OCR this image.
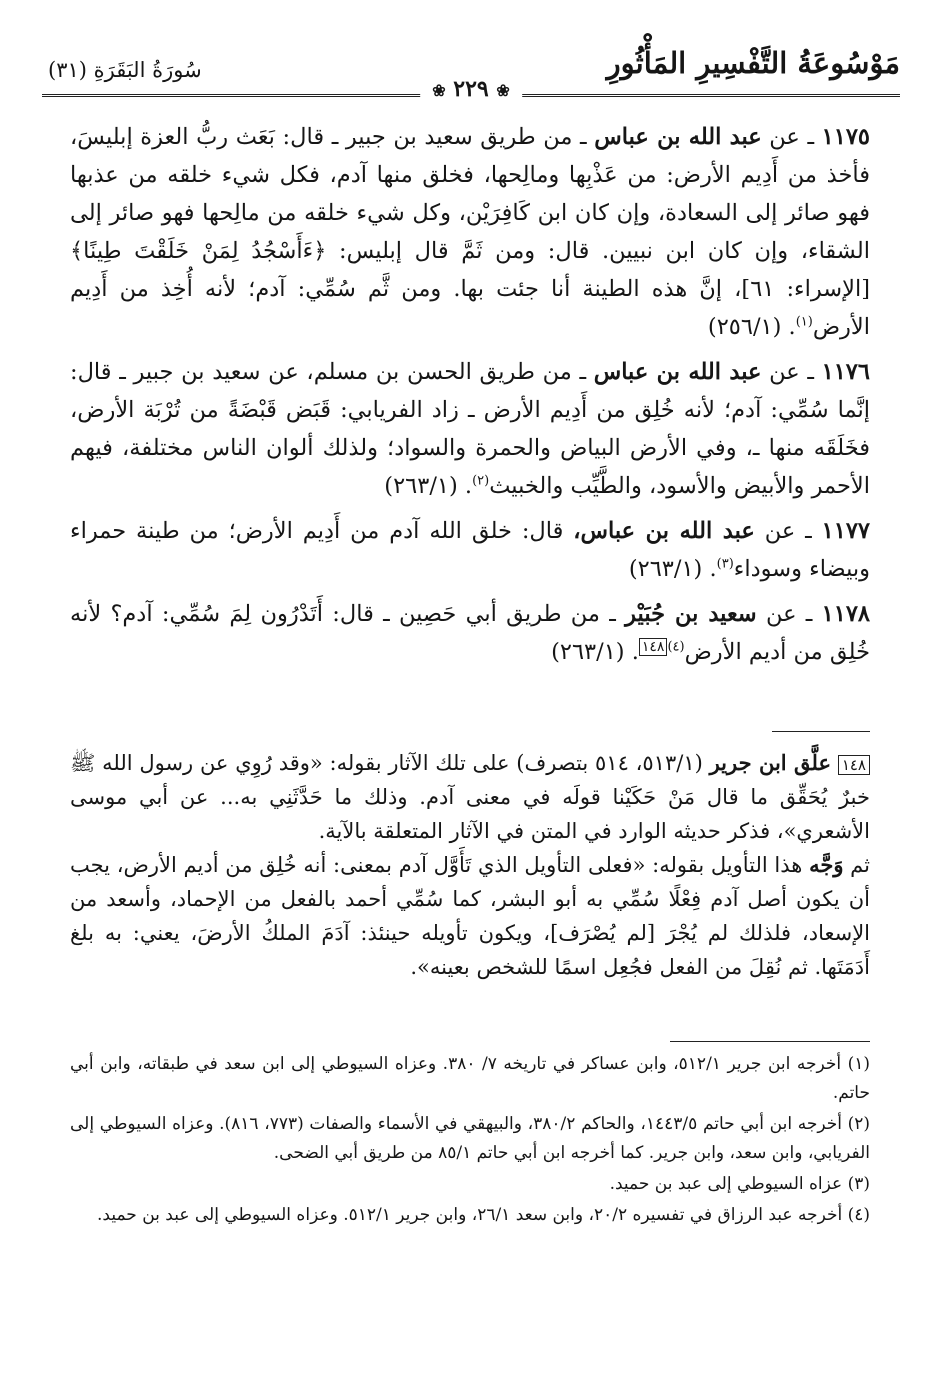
مَوْسُوعَةُ التَّفْسِيرِ المَأْثُورِ
سُورَةُ البَقَرَةِ (٣١)
❀ ٢٢٩ ❀

١١٧٥ ـ عن عبد الله بن عباس ـ من طريق سعيد بن جبير ـ قال: بَعَث ربُّ العزة إبليسَ، فأخذ من أَدِيم الأرض: من عَذْبِها ومالِحها، فخلق منها آدم، فكل شيء خلقه من عذبها فهو صائر إلى السعادة، وإن كان ابن كَافِرَيْن، وكل شيء خلقه من مالِحها فهو صائر إلى الشقاء، وإن كان ابن نبيين. قال: ومن ثَمَّ قال إبليس: ﴿ءَأَسْجُدُ لِمَنْ خَلَقْتَ طِينًا﴾ [الإسراء: ٦١]، إنَّ هذه الطينة أنا جئت بها. ومن ثَّم سُمِّي: آدم؛ لأنه أُخِذ من أَدِيم الأرض$^{(١)}$. (٢٥٦/١)

١١٧٦ ـ عن عبد الله بن عباس ـ من طريق الحسن بن مسلم، عن سعيد بن جبير ـ قال: إنَّما سُمِّي: آدم؛ لأنه خُلِق من أَدِيم الأرض ـ زاد الفريابي: قَبَض قَبْضَةً من تُرْبَة الأرض، فخَلَقَه منها ـ، وفي الأرض البياض والحمرة والسواد؛ ولذلك ألوان الناس مختلفة، فيهم الأحمر والأبيض والأسود، والطَّيِّب والخبيث$^{(٢)}$. (٢٦٣/١)

١١٧٧ ـ عن عبد الله بن عباس، قال: خلق الله آدم من أَدِيم الأرض؛ من طينة حمراء وبيضاء وسوداء$^{(٣)}$. (٢٦٣/١)

١١٧٨ ـ عن سعيد بن جُبَيْر ـ من طريق أبي حَصِين ـ قال: أَتَدْرُون لِمَ سُمِّي: آدم؟ لأنه خُلِق من أديم الأرض$^{(٤)}$١٤٨. (٢٦٣/١)

١٤٨ علَّق ابن جرير (٥١٣/١، ٥١٤ بتصرف) على تلك الآثار بقوله: «وقد رُوِي عن رسول الله ﷺ خبرٌ يُحَقِّق ما قال مَنْ حَكَيْنا قولَه في معنى آدم. وذلك ما حَدَّثَنِي به... عن أبي موسى الأشعري»، فذكر حديثه الوارد في المتن في الآثار المتعلقة بالآية.

ثم وَجَّه هذا التأويل بقوله: «فعلى التأويل الذي تَأَوَّل آدم بمعنى: أنه خُلِق من أديم الأرض، يجب أن يكون أصل آدم فِعْلًا سُمِّي به أبو البشر، كما سُمِّي أحمد بالفعل من الإحماد، وأسعد من الإسعاد، فلذلك لم يُجْرَ [لم يُصْرَف]، ويكون تأويله حينئذ: آدَمَ الملكُ الأرضَ، يعني: به بلغ أَدَمَتَها. ثم نُقِلَ من الفعل فجُعِل اسمًا للشخص بعينه».

(١) أخرجه ابن جرير ٥١٢/١، وابن عساكر في تاريخه ٧/ ٣٨٠. وعزاه السيوطي إلى ابن سعد في طبقاته، وابن أبي حاتم.

(٢) أخرجه ابن أبي حاتم ١٤٤٣/٥، والحاكم ٣٨٠/٢، والبيهقي في الأسماء والصفات (٧٧٣، ٨١٦). وعزاه السيوطي إلى الفريابي، وابن سعد، وابن جرير. كما أخرجه ابن أبي حاتم ٨٥/١ من طريق أبي الضحى.

(٣) عزاه السيوطي إلى عبد بن حميد.

(٤) أخرجه عبد الرزاق في تفسيره ٢٠/٢، وابن سعد ٢٦/١، وابن جرير ٥١٢/١. وعزاه السيوطي إلى عبد بن حميد.
